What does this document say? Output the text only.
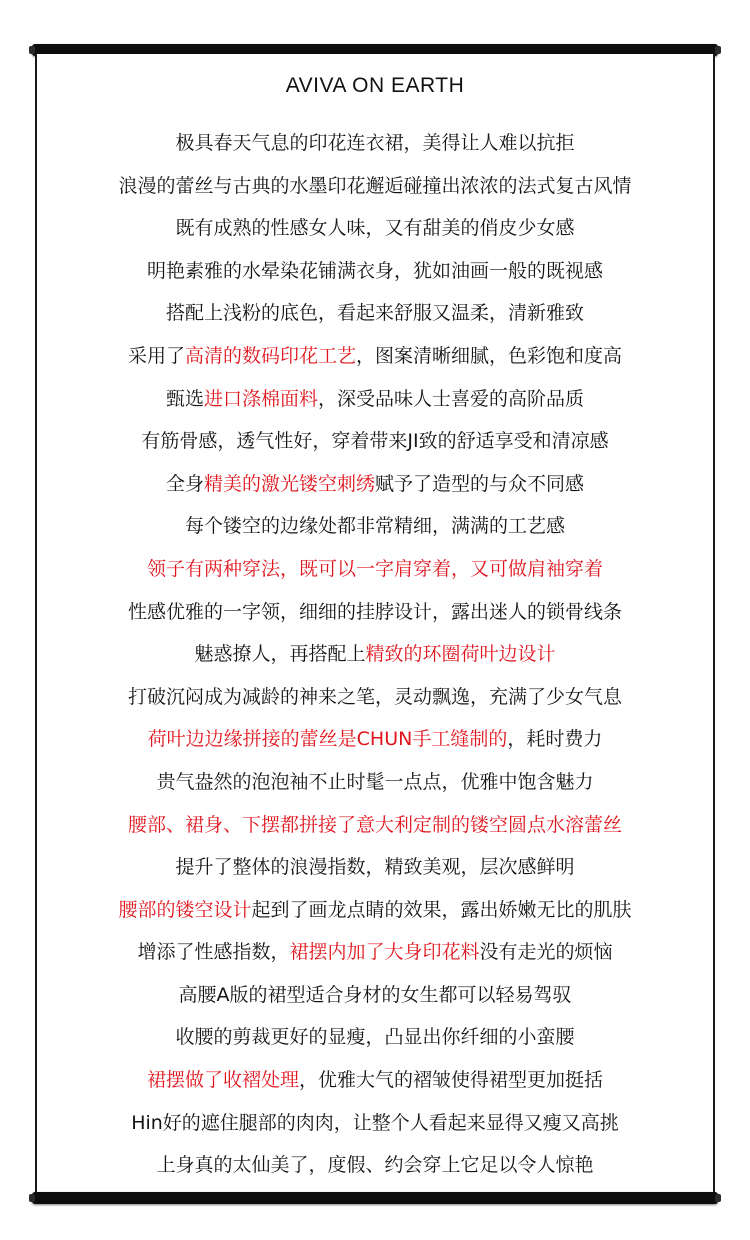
AVIVA ON EARTH
极具春天气息的印花连衣裙，美得让人难以抗拒
浪漫的蕾丝与古典的水墨印花邂逅碰撞出浓浓的法式复古风情
既有成熟的性感女人味，又有甜美的俏皮少女感
明艳素雅的水晕染花铺满衣身，犹如油画一般的既视感
搭配上浅粉的底色，看起来舒服又温柔，清新雅致
采用了高清的数码印花工艺，图案清晰细腻，色彩饱和度高
甄选进口涤棉面料，深受品味人士喜爱的高阶品质
有筋骨感，透气性好，穿着带来JI致的舒适享受和清凉感
全身精美的激光镂空刺绣赋予了造型的与众不同感
每个镂空的边缘处都非常精细，满满的工艺感
领子有两种穿法，既可以一字肩穿着，又可做肩袖穿着
性感优雅的一字领，细细的挂脖设计，露出迷人的锁骨线条
魅惑撩人，再搭配上精致的环圈荷叶边设计
打破沉闷成为减龄的神来之笔，灵动飘逸，充满了少女气息
荷叶边边缘拼接的蕾丝是CHUN手工缝制的，耗时费力
贵气盎然的泡泡袖不止时髦一点点，优雅中饱含魅力
腰部、裙身、下摆都拼接了意大利定制的镂空圆点水溶蕾丝
提升了整体的浪漫指数，精致美观，层次感鲜明
腰部的镂空设计起到了画龙点睛的效果，露出娇嫩无比的肌肤
增添了性感指数，裙摆内加了大身印花料没有走光的烦恼
高腰A版的裙型适合身材的女生都可以轻易驾驭
收腰的剪裁更好的显瘦，凸显出你纤细的小蛮腰
裙摆做了收褶处理，优雅大气的褶皱使得裙型更加挺括
Hin好的遮住腿部的肉肉，让整个人看起来显得又瘦又高挑
上身真的太仙美了，度假、约会穿上它足以令人惊艳
